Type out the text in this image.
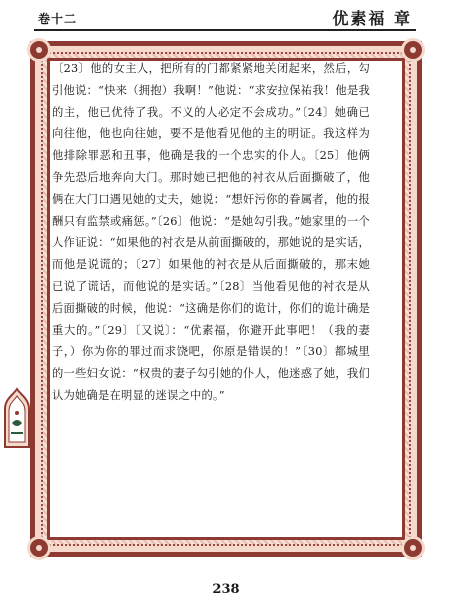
卷十二	优素福 章

〔23〕他的女主人，把所有的门都紧紧地关闭起来，然后，勾引他说：“快来（拥抱）我啊！”他说：“求安拉保祐我！他是我的主，他已优待了我。不义的人必定不会成功。”〔24〕她确已向往他，他也向往她，要不是他看见他的主的明证。我这样为他排除罪恶和丑事，他确是我的一个忠实的仆人。〔25〕他俩争先恐后地奔向大门。那时她已把他的衬衣从后面撕破了，他俩在大门口遇见她的丈夫，她说：“想奸污你的眷属者，他的报酬只有监禁或痛惩。”〔26〕他说：“是她勾引我。”她家里的一个人作证说：“如果他的衬衣是从前面撕破的，那她说的是实话，而他是说谎的；〔27〕如果他的衬衣是从后面撕破的，那末她已说了谎话，而他说的是实话。”〔28〕当他看见他的衬衣是从后面撕破的时候，他说：“这确是你们的诡计，你们的诡计确是重大的。”〔29〕〔又说〕：“优素福，你避开此事吧！（我的妻子，）你为你的罪过而求饶吧，你原是错误的！”〔30〕都城里的一些妇女说：“权贵的妻子勾引她的仆人，他迷惑了她，我们认为她确是在明显的迷误之中的。”

238
